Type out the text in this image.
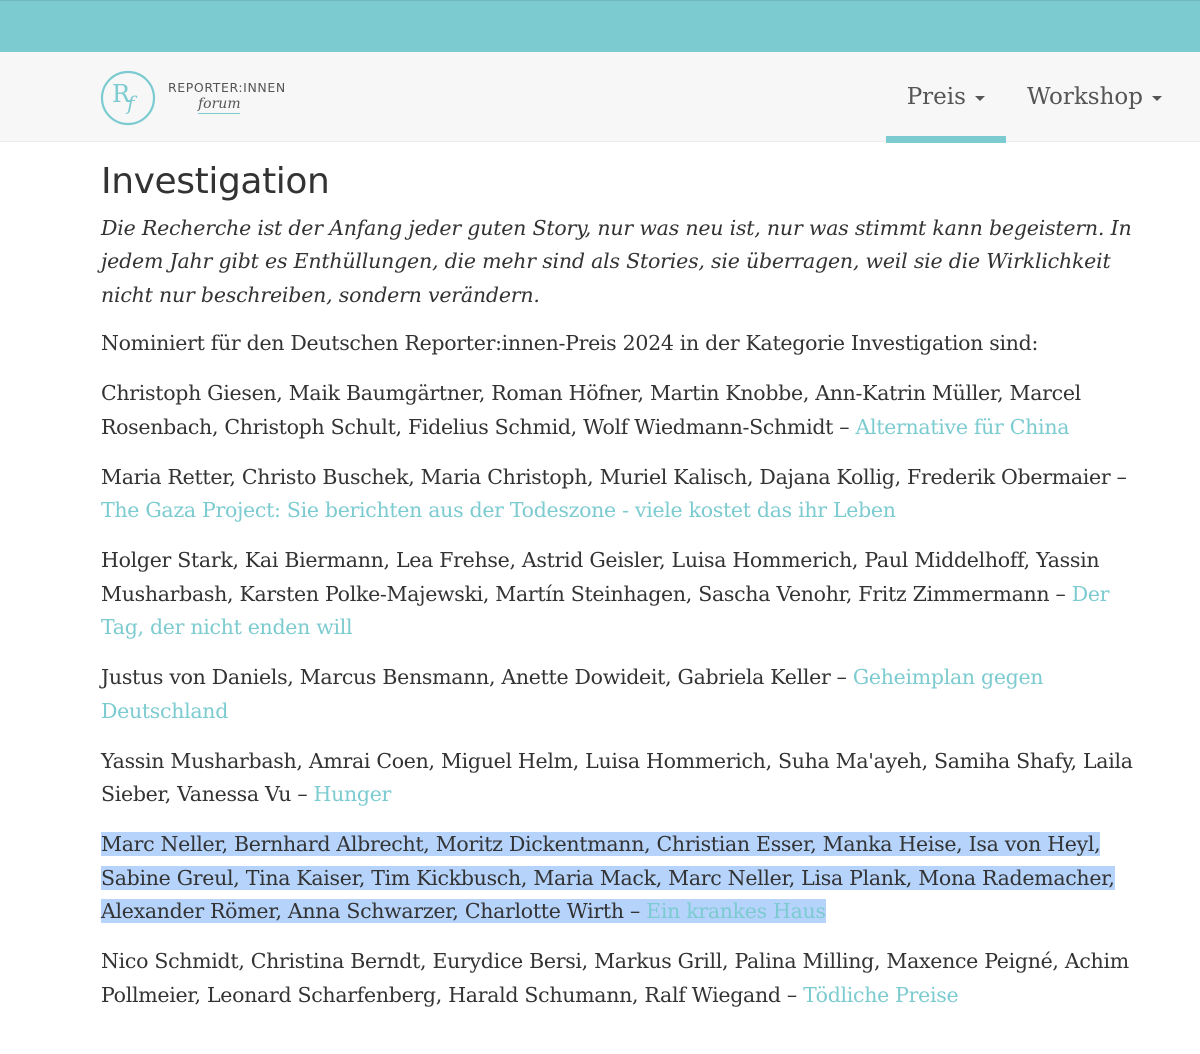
R
f
REPORTER:INNEN
forum	Preis	Workshop
Investigation

Die Recherche ist der Anfang jeder guten Story, nur was neu ist, nur was stimmt kann begeistern. In jedem Jahr gibt es Enthüllungen, die mehr sind als Stories, sie überragen, weil sie die Wirklichkeit nicht nur beschreiben, sondern verändern.

Nominiert für den Deutschen Reporter:innen-Preis 2024 in der Kategorie Investigation sind:

Christoph Giesen, Maik Baumgärtner, Roman Höfner, Martin Knobbe, Ann-Katrin Müller, Marcel Rosenbach, Christoph Schult, Fidelius Schmid, Wolf Wiedmann-Schmidt – Alternative für China

Maria Retter, Christo Buschek, Maria Christoph, Muriel Kalisch, Dajana Kollig, Frederik Obermaier – The Gaza Project: Sie berichten aus der Todeszone - viele kostet das ihr Leben

Holger Stark, Kai Biermann, Lea Frehse, Astrid Geisler, Luisa Hommerich, Paul Middelhoff, Yassin Musharbash, Karsten Polke-Majewski, Martín Steinhagen, Sascha Venohr, Fritz Zimmermann – Der Tag, der nicht enden will

Justus von Daniels, Marcus Bensmann, Anette Dowideit, Gabriela Keller – Geheimplan gegen Deutschland

Yassin Musharbash, Amrai Coen, Miguel Helm, Luisa Hommerich, Suha Ma'ayeh, Samiha Shafy, Laila Sieber, Vanessa Vu – Hunger

Marc Neller, Bernhard Albrecht, Moritz Dickentmann, Christian Esser, Manka Heise, Isa von Heyl, Sabine Greul, Tina Kaiser, Tim Kickbusch, Maria Mack, Marc Neller, Lisa Plank, Mona Rademacher, Alexander Römer, Anna Schwarzer, Charlotte Wirth – Ein krankes Haus

Nico Schmidt, Christina Berndt, Eurydice Bersi, Markus Grill, Palina Milling, Maxence Peigné, Achim Pollmeier, Leonard Scharfenberg, Harald Schumann, Ralf Wiegand – Tödliche Preise
